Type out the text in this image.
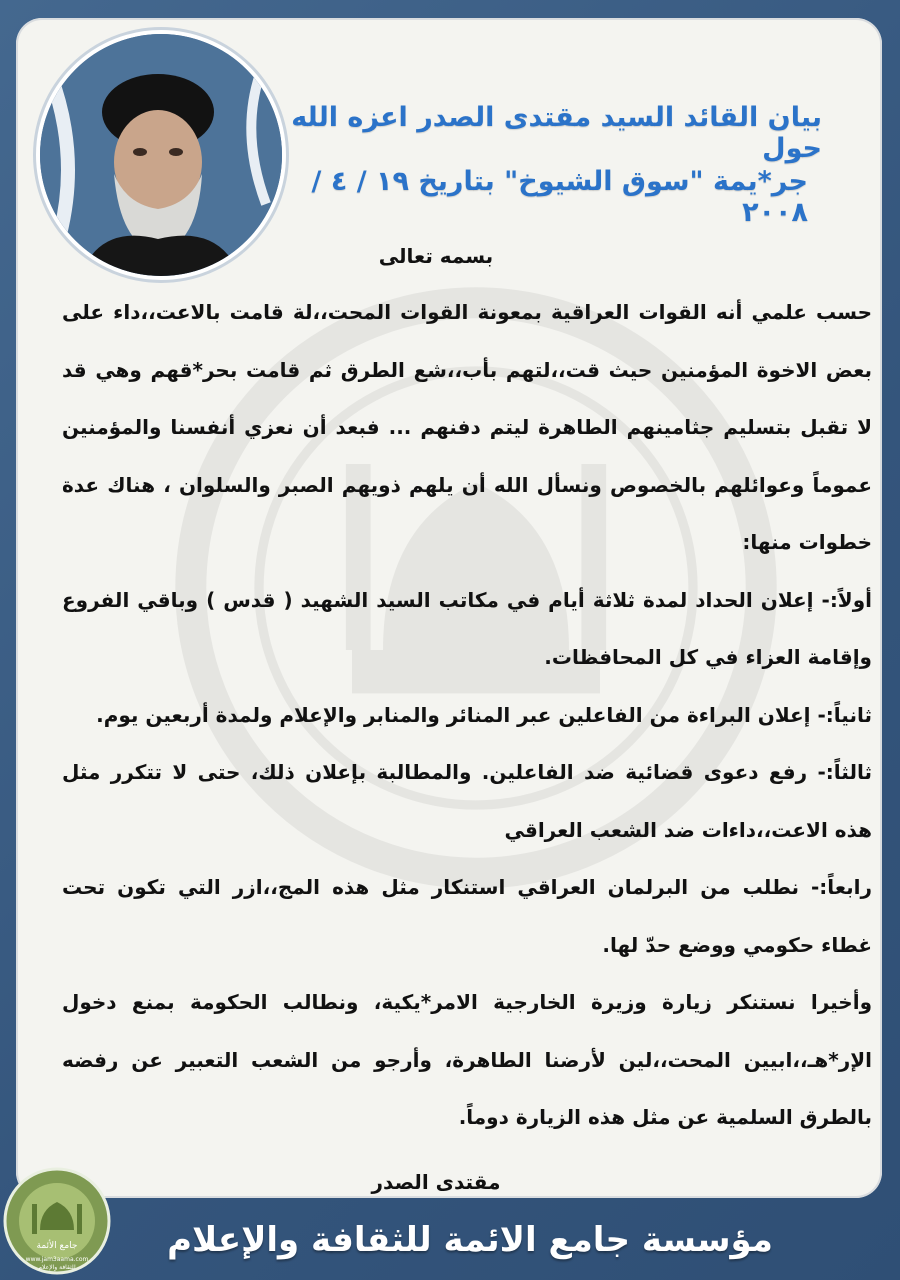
بيان القائد السيد مقتدى الصدر اعزه الله حول
جر*يمة "سوق الشيوخ" بتاريخ ١٩ / ٤ / ٢٠٠٨

بسمه تعالى

حسب علمي أنه القوات العراقية بمعونة القوات المحت،،لة قامت بالاعت،،داء على بعض الاخوة المؤمنين حيث قت،،لتهم بأب،،شع الطرق ثم قامت بحر*قهم وهي قد لا تقبل بتسليم جثامينهم الطاهرة ليتم دفنهم ... فبعد أن نعزي أنفسنا والمؤمنين عموماً وعوائلهم بالخصوص ونسأل الله أن يلهم ذويهم الصبر والسلوان ، هناك عدة خطوات منها:

أولاً:- إعلان الحداد لمدة ثلاثة أيام في مكاتب السيد الشهيد ( قدس ) وباقي الفروع وإقامة العزاء في كل المحافظات.

ثانياً:- إعلان البراءة من الفاعلين عبر المنائر والمنابر والإعلام ولمدة أربعين يوم.

ثالثاً:- رفع دعوى قضائية ضد الفاعلين. والمطالبة بإعلان ذلك، حتى لا تتكرر مثل هذه الاعت،،داءات ضد الشعب العراقي

رابعاً:- نطلب من البرلمان العراقي استنكار مثل هذه المج،،ازر التي تكون تحت غطاء حكومي ووضع حدّ لها.

وأخيرا نستنكر زيارة وزيرة الخارجية الامر*يكية، ونطالب الحكومة بمنع دخول الإر*هـ،،ابيين المحت،،لين لأرضنا الطاهرة، وأرجو من الشعب التعبير عن رفضه بالطرق السلمية عن مثل هذه الزيارة دوماً.

مقتدى الصدر

جامع الأئمة
www.jam3aama.com
للثقافة والإعلام

مؤسسة جامع الائمة للثقافة والإعلام
